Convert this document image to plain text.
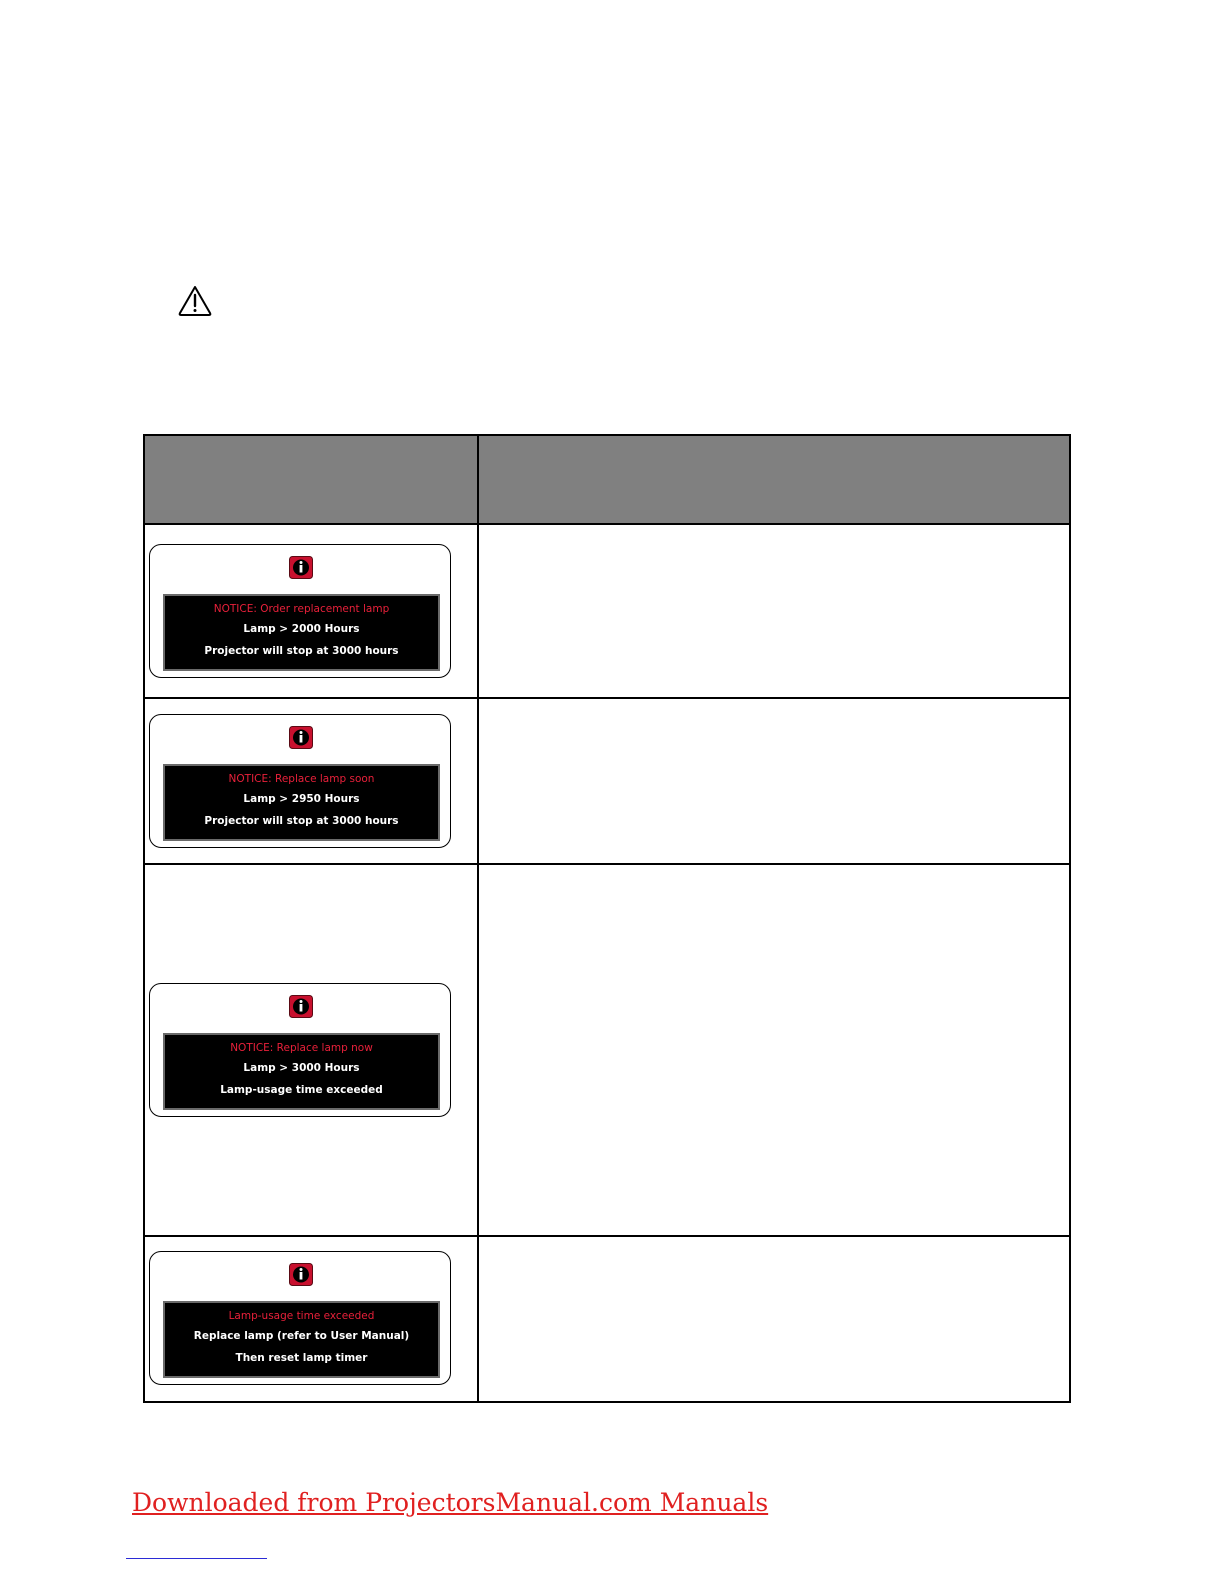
NOTICE: Order replacement lamp
Lamp > 2000 Hours
Projector will stop at 3000 hours	

NOTICE: Replace lamp soon
Lamp > 2950 Hours
Projector will stop at 3000 hours	

NOTICE: Replace lamp now
Lamp > 3000 Hours
Lamp-usage time exceeded	

Lamp-usage time exceeded
Replace lamp (refer to User Manual)
Then reset lamp timer	

Downloaded from ProjectorsManual.com Manuals
